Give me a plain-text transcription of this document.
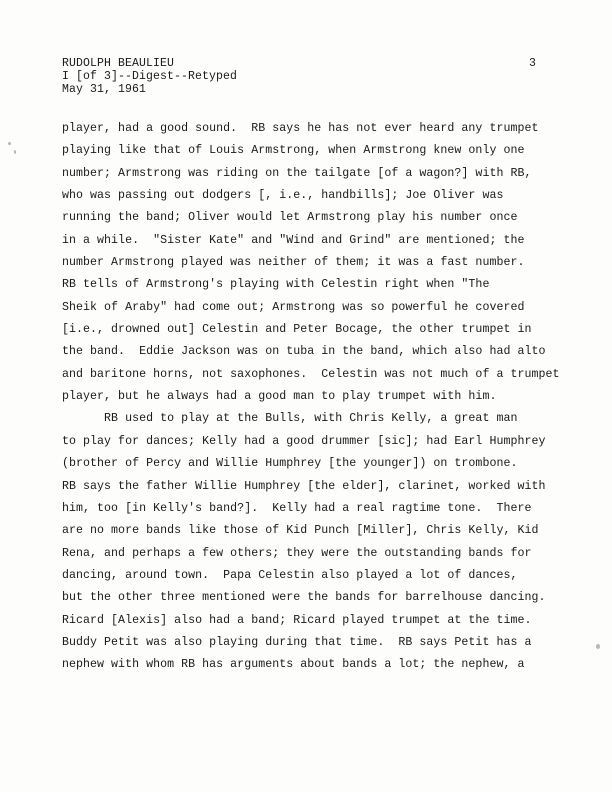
RUDOLPH BEAULIEU
I [of 3]--Digest--Retyped
May 31, 1961
3
player, had a good sound.  RB says he has not ever heard any trumpet
playing like that of Louis Armstrong, when Armstrong knew only one
number; Armstrong was riding on the tailgate [of a wagon?] with RB,
who was passing out dodgers [, i.e., handbills]; Joe Oliver was
running the band; Oliver would let Armstrong play his number once
in a while.  "Sister Kate" and "Wind and Grind" are mentioned; the
number Armstrong played was neither of them; it was a fast number.
RB tells of Armstrong's playing with Celestin right when "The
Sheik of Araby" had come out; Armstrong was so powerful he covered
[i.e., drowned out] Celestin and Peter Bocage, the other trumpet in
the band.  Eddie Jackson was on tuba in the band, which also had alto
and baritone horns, not saxophones.  Celestin was not much of a trumpet
player, but he always had a good man to play trumpet with him.
RB used to play at the Bulls, with Chris Kelly, a great man
to play for dances; Kelly had a good drummer [sic]; had Earl Humphrey
(brother of Percy and Willie Humphrey [the younger]) on trombone.
RB says the father Willie Humphrey [the elder], clarinet, worked with
him, too [in Kelly's band?].  Kelly had a real ragtime tone.  There
are no more bands like those of Kid Punch [Miller], Chris Kelly, Kid
Rena, and perhaps a few others; they were the outstanding bands for
dancing, around town.  Papa Celestin also played a lot of dances,
but the other three mentioned were the bands for barrelhouse dancing.
Ricard [Alexis] also had a band; Ricard played trumpet at the time.
Buddy Petit was also playing during that time.  RB says Petit has a
nephew with whom RB has arguments about bands a lot; the nephew, a
